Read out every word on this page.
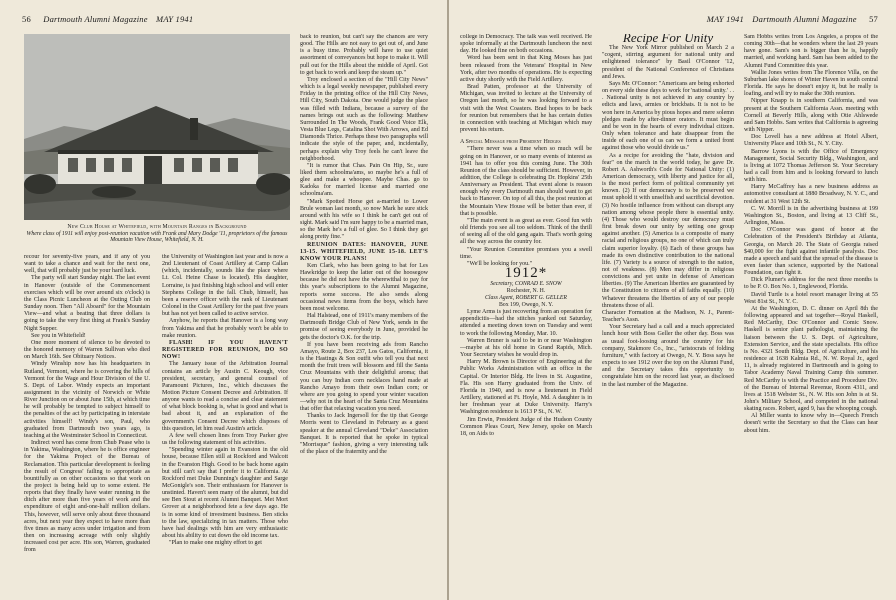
56 Dartmouth Alumni Magazine MAY 1941
New Club House at Whitefield, with Mountain Ranges in Background
Where class of 1911 will enjoy post-reunion vacation with Frank and Mary Dodge '11, proprietors of the famous Mountain View House, Whitefield, N. H.

recour for seventy-five years, and if any of you want to take a chance and wait for the next one, well, that will probably just be your hard luck.

The party will start Sunday night. The last event in Hanover (outside of the Commencement exercises which will be over around six o'clock) is the Class Picnic Luncheon at the Outing Club on Sunday noon. Then "All Aboard" for the Mountain View—and what a beating that three dollars is going to take the very first thing at Frank's Sunday Night Supper.

See you in Whitefield!

One more moment of silence to be devoted to the honored memory of Warren Sullivan who died on March 16th. See Obituary Notices.

Windy Winship now has his headquarters in Rutland, Vermont, where he is covering the hills of Vermont for the Wage and Hour Division of the U. S. Dept. of Labor. Windy expects an important assignment in the vicinity of Norwich or White River Junction on or about June 15th, at which time he will probably be tempted to subject himself to the penalties of the act by participating in interstate activities himself! Windy's son, Paul, who graduated from Dartmouth two years ago, is teaching at the Westminster School in Connecticut.

Indirect word has come from Chub Pease who is in Yakima, Washington, where he is office engineer for the Yakima Project of the Bureau of Reclamation. This particular development is feeling the result of Congress' failing to appropriate as bountifully as on other occasions so that work on the project is being held up to some extent. He reports that they finally have water running in the ditch after more than five years of work and the expenditure of eight and-one-half million dollars. This, however, will serve only about three thousand acres, but next year they expect to have more than five times as many acres under irrigation and from then on increasing acreage with only slightly increased cost per acre. His son, Warren, graduated from

the University of Washington last year and is now a 2nd Lieutenant of Coast Artillery at Camp Callan (which, incidentally, sounds like the place where Lt. Col. Heine Chase is located). His daughter, Lorraine, is just finishing high school and will enter Stephens College in the fall. Chub, himself, has been a reserve officer with the rank of Lieutenant Colonel in the Coast Artillery for the past five years but has not yet been called to active service.

Anyhow, he reports that Hanover is a long way from Yakima and that he probably won't be able to make reunion.

FLASH! IF YOU HAVEN'T REGISTERED FOR REUNION, DO SO NOW!

The January issue of the Arbitration Journal contains an article by Austin C. Keough, vice president, secretary, and general counsel of Paramount Pictures, Inc., which discusses the Motion Picture Consent Decree and Arbitration. If anyone wants to read a concise and clear statement of what block booking is, what is good and what is bad about it, and an explanation of the government's Consent Decree which disposes of this question, let him read Austin's article.

A few well chosen lines from Troy Parker give us the following statement of his activities.

"Spending winter again in Evanston in the old house, because Ellen still at Rockford and Walcott in the Evanston High. Good to be back home again but still can't say that I prefer it to California. At Rockford met Duke Dunning's daughter and Sarge McGonigle's son. Their enthusiasm for Hanover is unstinted. Haven't seen many of the alumni, but did see Ben Stout at recent Alumni Banquet. Met Mort Grover at a neighborhood fete a few days ago. He is in some kind of investment business. Ben sticks to the law, specializing in tax matters. Those who have had dealings with him are very enthusiastic about his ability to cut down the old income tax.

"Plan to make one mighty effort to get

back to reunion, but can't say the chances are very good. The Hills are not easy to get out of, and June is a busy time. Probably will have to use quiet assortment of conveyances but hope to make it. Will pull out for the Hills about the middle of April. Got to get back to work and keep the steam up."

Troy enclosed a section of the "Hill City News" which is a legal weekly newspaper, published every Friday in the printing office of the Hill City News, Hill City, South Dakota. One would judge the place was filled with Indians, because a survey of the names brings out such as the following: Matthew Surrounded In The Woods, Frank Good Voice Elk, Vesta Blue Legs, Catalina Shot With Arrows, and Ed Diamonds Thrice. Perhaps these two paragraphs will indicate the style of the paper, and, incidentally, perhaps explain why Troy feels he can't leave the neighborhood.

"It is rumor that Chas. Pain On Hip, Sr., sure liked them schoolma'ams, so maybe he's a full of glee and make a whoopee. Maybe Chas. go to Kadoka for married license and married one schoolma'am.

"Mark Spotted Horse get a-married to Lower Brule woman last month, so now Mark he sure stick around with his wife so I think he can't get out of sight. Mark said I'm sure happy to be a married man, so the Mark he's a full of glee. So I think they get along pretty fine."

REUNION DATES: HANOVER, JUNE 13-15. WHITEFIELD, JUNE 15-18. LET'S KNOW YOUR PLANS!

Ken Clark, who has been going to bat for Les Hawkridge to keep the latter out of the hoosegow because he did not have the wherewithal to pay for this year's subscriptions to the Alumni Magazine, reports some success. He also sends along occasional news items from the boys, which have been most welcome.

Hal Halstead, one of 1911's many members of the Dartmouth Bridge Club of New York, sends in the promise of seeing everybody in June, provided he gets the doctor's O.K. for the trip.

If you have been receiving ads from Rancho Amayo, Route 2, Box 237, Los Gatos, California, it is the Hastings & Son outfit who tell you that next month the fruit trees will blossom and fill the Santa Cruz Mountains with their delightful aroma; that you can buy Indian corn necklaces hand made at Rancho Amayo from their own Indian corn; or where are you going to spend your winter vacation—why not in the heart of the Santa Cruz Mountains that offer that relaxing vacation you need.

Thanks to Jack Ingersoll for the tip that George Morris went to Cleveland in February as a guest speaker at the annual Cleveland "Deke" Association Banquet. It is reported that he spoke in typical "Morrisque" fashion, giving a very interesting talk of the place of the fraternity and the

MAY 1941 Dartmouth Alumni Magazine 57

college in Democracy. The talk was well received. He spoke informally at the Dartmouth luncheon the next day. He looked fine on both occasions.

Word has been sent in that King Moses has just been released from the Veterans' Hospital in New York, after two months of operations. He is expecting active duty shortly with the Field Artillery.

Brad Patten, professor at the University of Michigan, was invited to lecture at the University of Oregon last month, so he was looking forward to a visit with the West Coasters. Brad hopes to be back for reunion but remembers that he has certain duties in connection with teaching at Michigan which may prevent his return.

A Special Message from President Hedges

"There never was a time when so much will be going on in Hanover, or so many events of interest as 1941 has to offer you this coming June. The 30th Reunion of the class should be sufficient. However, in addition, the College is celebrating Dr. Hopkins' 25th Anniversary as President. That event alone is reason enough why every Dartmouth man should want to get back to Hanover. On top of all this, the post reunion at the Mountain View House will be better than ever, if that is possible.

"The main event is as great as ever. Good fun with old friends you see all too seldom. Think of the thrill of seeing all of the old gang again. That's worth going all the way across the country for.

"Your Reunion Committee promises you a swell time.

"We'll be looking for you."

1912*
Secretary, CONRAD E. SNOW
Rochester, N. H.
Class Agent, ROBERT G. GELLER
Box 199, Owego, N. Y.

Lyme Arms is just recovering from an operation for appendicitis—had the stitches yanked out Saturday, attended a meeting down town on Tuesday and went to work the following Monday, Mar. 10.

Warren Bruner is said to be in or near Washington—maybe at his old home in Grand Rapids, Mich. Your Secretary wishes he would drop in.

Harry M. Brown is Director of Engineering at the Public Works Administration with an office in the Capital. Or Interior Bldg. He lives in St. Augustine, Fla. His son Harry graduated from the Univ. of Florida in 1940, and is now a lieutenant in Field Artillery, stationed at Ft. Hoyle, Md. A daughter is in her freshman year at Duke University. Harry's Washington residence is 1613 P St., N. W.

Jim Erwin, President Judge of the Hudson County Common Pleas Court, New Jersey, spoke on March 18, on Aids to

Recipe For Unity

The New York Mirror published on March 2 a "cogent, stirring argument for national unity and enlightened tolerance" by Basil O'Connor '12, president of the National Conference of Christians and Jews.

Says Mr. O'Connor: "Americans are being exhorted on every side these days to work for 'national unity.' . . . National unity is not achieved in any country by edicts and laws, armies or brickbats. It is not to be won here in America by pious hopes and mere solemn pledges made by after-dinner orators. It must begin and be won in the hearts of every individual citizen. Only when tolerance and hate disappear from the inside of each one of us can we form a united front against those who would divide us."

As a recipe for avoiding the "hate, division and fear" on the march in the world today, he gave Dr. Robert A. Ashworth's Code for National Unity: (1) American democracy, with liberty and justice for all, is the most perfect form of political community yet known. (2) If our democracy is to be preserved we must uphold it with unselfish and sacrificial devotion. (3) No hostile influence from without can disrupt any nation among whose people there is essential unity. (4) Those who would destroy our democracy must first break down our unity by setting one group against another. (5) America is a composite of many racial and religious groups, no one of which can truly claim superior loyalty. (6) Each of these groups has made its own distinctive contribution to the national life. (7) Variety is a source of strength to the nation, not of weakness. (8) Men may differ in religious convictions and yet unite in defense of American liberties. (9) The American liberties are guaranteed by the Constitution to citizens of all faiths equally. (10) Whatever threatens the liberties of any of our people threatens those of all.

Character Formation at the Madison, N. J., Parent-Teacher's Assn.

Your Secretary had a call and a much appreciated lunch hour with Boss Geller the other day. Boss was as usual foot-loosing around the country for his company, Stakmore Co., Inc., "aristocrats of folding furniture," with factory at Owego, N. Y. Boss says he expects to see 1912 over the top on the Alumni Fund, and the Secretary takes this opportunity to congratulate him on the record last year, as disclosed in the last number of the Magazine.

Sam Hobbs writes from Los Angeles, a propos of the coming 30th—that he wonders where the last 29 years have gone. Sam's son is bigger than he is, happily married, and working hard. Sam has been added to the Alumni Fund Committee this year.

Wallie Jones writes from The Florence Villa, on the Suburban lake shores of Winter Haven in south central Florida. He says he doesn't enjoy it, but he really is loafing, and will try to make the 30th reunion.

Nipper Knapp is in southern California, and was present at the Southern California Assn. meeting with Cornell at Beverly Hills, along with Otie Ahlswede and Sam Hobbs. Sam writes that California is agreeing with Nipper.

Doc Lovell has a new address at Hotel Albert, University Place and 10th St., N. Y. City.

Barrow Lyons is with the Office of Emergency Management, Social Security Bldg., Washington, and is living at 1072 Thomas Jefferson St. Your Secretary had a call from him and is looking forward to lunch with him.

Harry McCaffrey has a new business address as automotive consultant at 1880 Broadway, N. Y. C., and resident at 31 West 12th St.

C. W. Morrill is in the advertising business at 199 Washington St., Boston, and living at 13 Cliff St., Arlington, Mass.

Doc O'Connor was guest of honor at the Celebration of the President's Birthday at Atlanta, Georgia, on March 20. The State of Georgia raised $40,000 for the fight against infantile paralysis. Doc made a speech and said that the spread of the disease is even faster than science, supported by the National Foundation, can fight it.

Dick Plumer's address for the next three months is to be P. O. Box No. 1, Englewood, Florida.

David Turtle is a hotel resort manager living at 55 West 81st St., N. Y. C.

At the Washington, D. C. dinner on April 8th the following appeared and sat together—Royal Haskell, Red McCarthy, Doc O'Connor and Comic Snow. Haskell is senior plant pathologist, maintaining the liaison between the U. S. Dept. of Agriculture, Extension Service, and the state specialists. His office is No. 4321 South Bldg. Dept. of Agriculture, and his residence at 1638 Kalmia Rd., N. W. Royal Jr., aged 11, is already registered in Dartmouth and is going to Tabor Academy Naval Training Camp this summer. Red McCarthy is with the Practice and Procedure Div. of the Bureau of Internal Revenue, Room 4311, and lives at 1518 Webster St., N. W. His son John is at St. John's Military School, and competed in the national skating races. Robert, aged 9, has the whooping cough.

Al Miller wants to know why in—Queech French doesn't write the Secretary so that the Class can hear about him.
